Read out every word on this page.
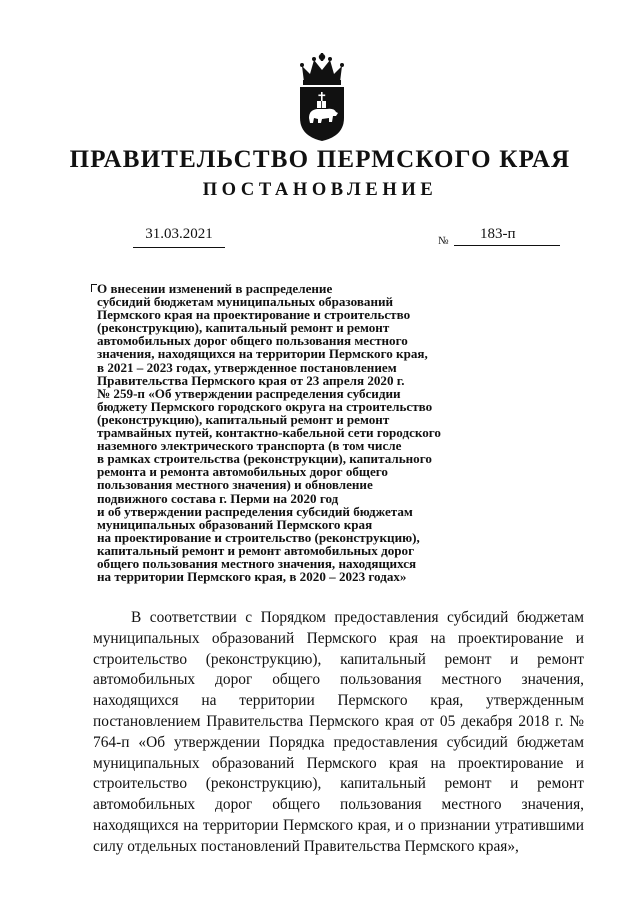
ПРАВИТЕЛЬСТВО ПЕРМСКОГО КРАЯ
ПОСТАНОВЛЕНИЕ
31.03.2021	№ 183-п
О внесении изменений в распределение
субсидий бюджетам муниципальных образований
Пермского края на проектирование и строительство
(реконструкцию), капитальный ремонт и ремонт
автомобильных дорог общего пользования местного
значения, находящихся на территории Пермского края,
в 2021 – 2023 годах, утвержденное постановлением
Правительства Пермского края от 23 апреля 2020 г.
№ 259-п «Об утверждении распределения субсидии
бюджету Пермского городского округа на строительство
(реконструкцию), капитальный ремонт и ремонт
трамвайных путей, контактно-кабельной сети городского
наземного электрического транспорта (в том числе
в рамках строительства (реконструкции), капитального
ремонта и ремонта автомобильных дорог общего
пользования местного значения) и обновление
подвижного состава г. Перми на 2020 год
и об утверждении распределения субсидий бюджетам
муниципальных образований Пермского края
на проектирование и строительство (реконструкцию),
капитальный ремонт и ремонт автомобильных дорог
общего пользования местного значения, находящихся
на территории Пермского края, в 2020 – 2023 годах»

В соответствии с Порядком предоставления субсидий бюджетам муниципальных образований Пермского края на проектирование и строительство (реконструкцию), капитальный ремонт и ремонт автомобильных дорог общего пользования местного значения, находящихся на территории Пермского края, утвержденным постановлением Правительства Пермского края от 05 декабря 2018 г. № 764-п «Об утверждении Порядка предоставления субсидий бюджетам муниципальных образований Пермского края на проектирование и строительство (реконструкцию), капитальный ремонт и ремонт автомобильных дорог общего пользования местного значения, находящихся на территории Пермского края, и о признании утратившими силу отдельных постановлений Правительства Пермского края»,
